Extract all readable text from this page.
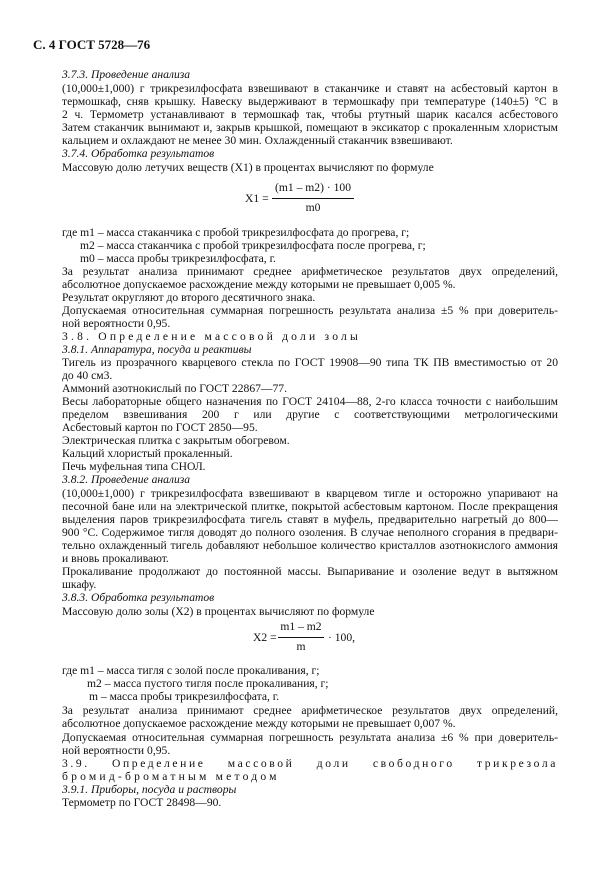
С. 4 ГОСТ 5728—76
3.7.3. Проведение анализа
(10,000±1,000) г трикрезилфосфата взвешивают в стаканчике и ставят на асбестовый картон в
термошкаф, сняв крышку. Навеску выдерживают в термошкафу при температуре (140±5) °С в
2 ч. Термометр устанавливают в термошкаф так, чтобы ртутный шарик касался асбестового
Затем стаканчик вынимают и, закрыв крышкой, помещают в эксикатор с прокаленным хлористым
кальцием и охлаждают не менее 30 мин. Охлажденный стаканчик взвешивают.
3.7.4. Обработка результатов
Массовую долю летучих веществ (X1) в процентах вычисляют по формуле
X1 =
(m1 – m2) · 100
m0
где m1 – масса стаканчика с пробой трикрезилфосфата до прогрева, г;
m2 – масса стаканчика с пробой трикрезилфосфата после прогрева, г;
m0 – масса пробы трикрезилфосфата, г.
За результат анализа принимают среднее арифметическое результатов двух определений,
абсолютное допускаемое расхождение между которыми не превышает 0,005 %.
Результат округляют до второго десятичного знака.
Допускаемая относительная суммарная погрешность результата анализа ±5 % при доверитель-
ной вероятности 0,95.
3.8. Определение массовой доли золы
3.8.1. Аппаратура, посуда и реактивы
Тигель из прозрачного кварцевого стекла по ГОСТ 19908—90 типа ТК ПВ вместимостью от 20
до 40 см3.
Аммоний азотнокислый по ГОСТ 22867—77.
Весы лабораторные общего назначения по ГОСТ 24104—88, 2-го класса точности с наибольшим
пределом взвешивания 200 г или другие с соответствующими метрологическими
Асбестовый картон по ГОСТ 2850—95.
Электрическая плитка с закрытым обогревом.
Кальций хлористый прокаленный.
Печь муфельная типа СНОЛ.
3.8.2. Проведение анализа
(10,000±1,000) г трикрезилфосфата взвешивают в кварцевом тигле и осторожно упаривают на
песочной бане или на электрической плитке, покрытой асбестовым картоном. После прекращения
выделения паров трикрезилфосфата тигель ставят в муфель, предварительно нагретый до 800—
900 °С. Содержимое тигля доводят до полного озоления. В случае неполного сгорания в предвари-
тельно охлажденный тигель добавляют небольшое количество кристаллов азотнокислого аммония
и вновь прокаливают.
Прокаливание продолжают до постоянной массы. Выпаривание и озоление ведут в вытяжном
шкафу.
3.8.3. Обработка результатов
Массовую долю золы (X2) в процентах вычисляют по формуле
X2 =
m1 – m2
m
· 100,
где m1 – масса тигля с золой после прокаливания, г;
m2 – масса пустого тигля после прокаливания, г;
m – масса пробы трикрезилфосфата, г.
За результат анализа принимают среднее арифметическое результатов двух определений,
абсолютное допускаемое расхождение между которыми не превышает 0,007 %.
Допускаемая относительная суммарная погрешность результата анализа ±6 % при доверитель-
ной вероятности 0,95.
3.9. Определение массовой доли свободного трикрезола
бромид-броматным методом
3.9.1. Приборы, посуда и растворы
Термометр по ГОСТ 28498—90.
